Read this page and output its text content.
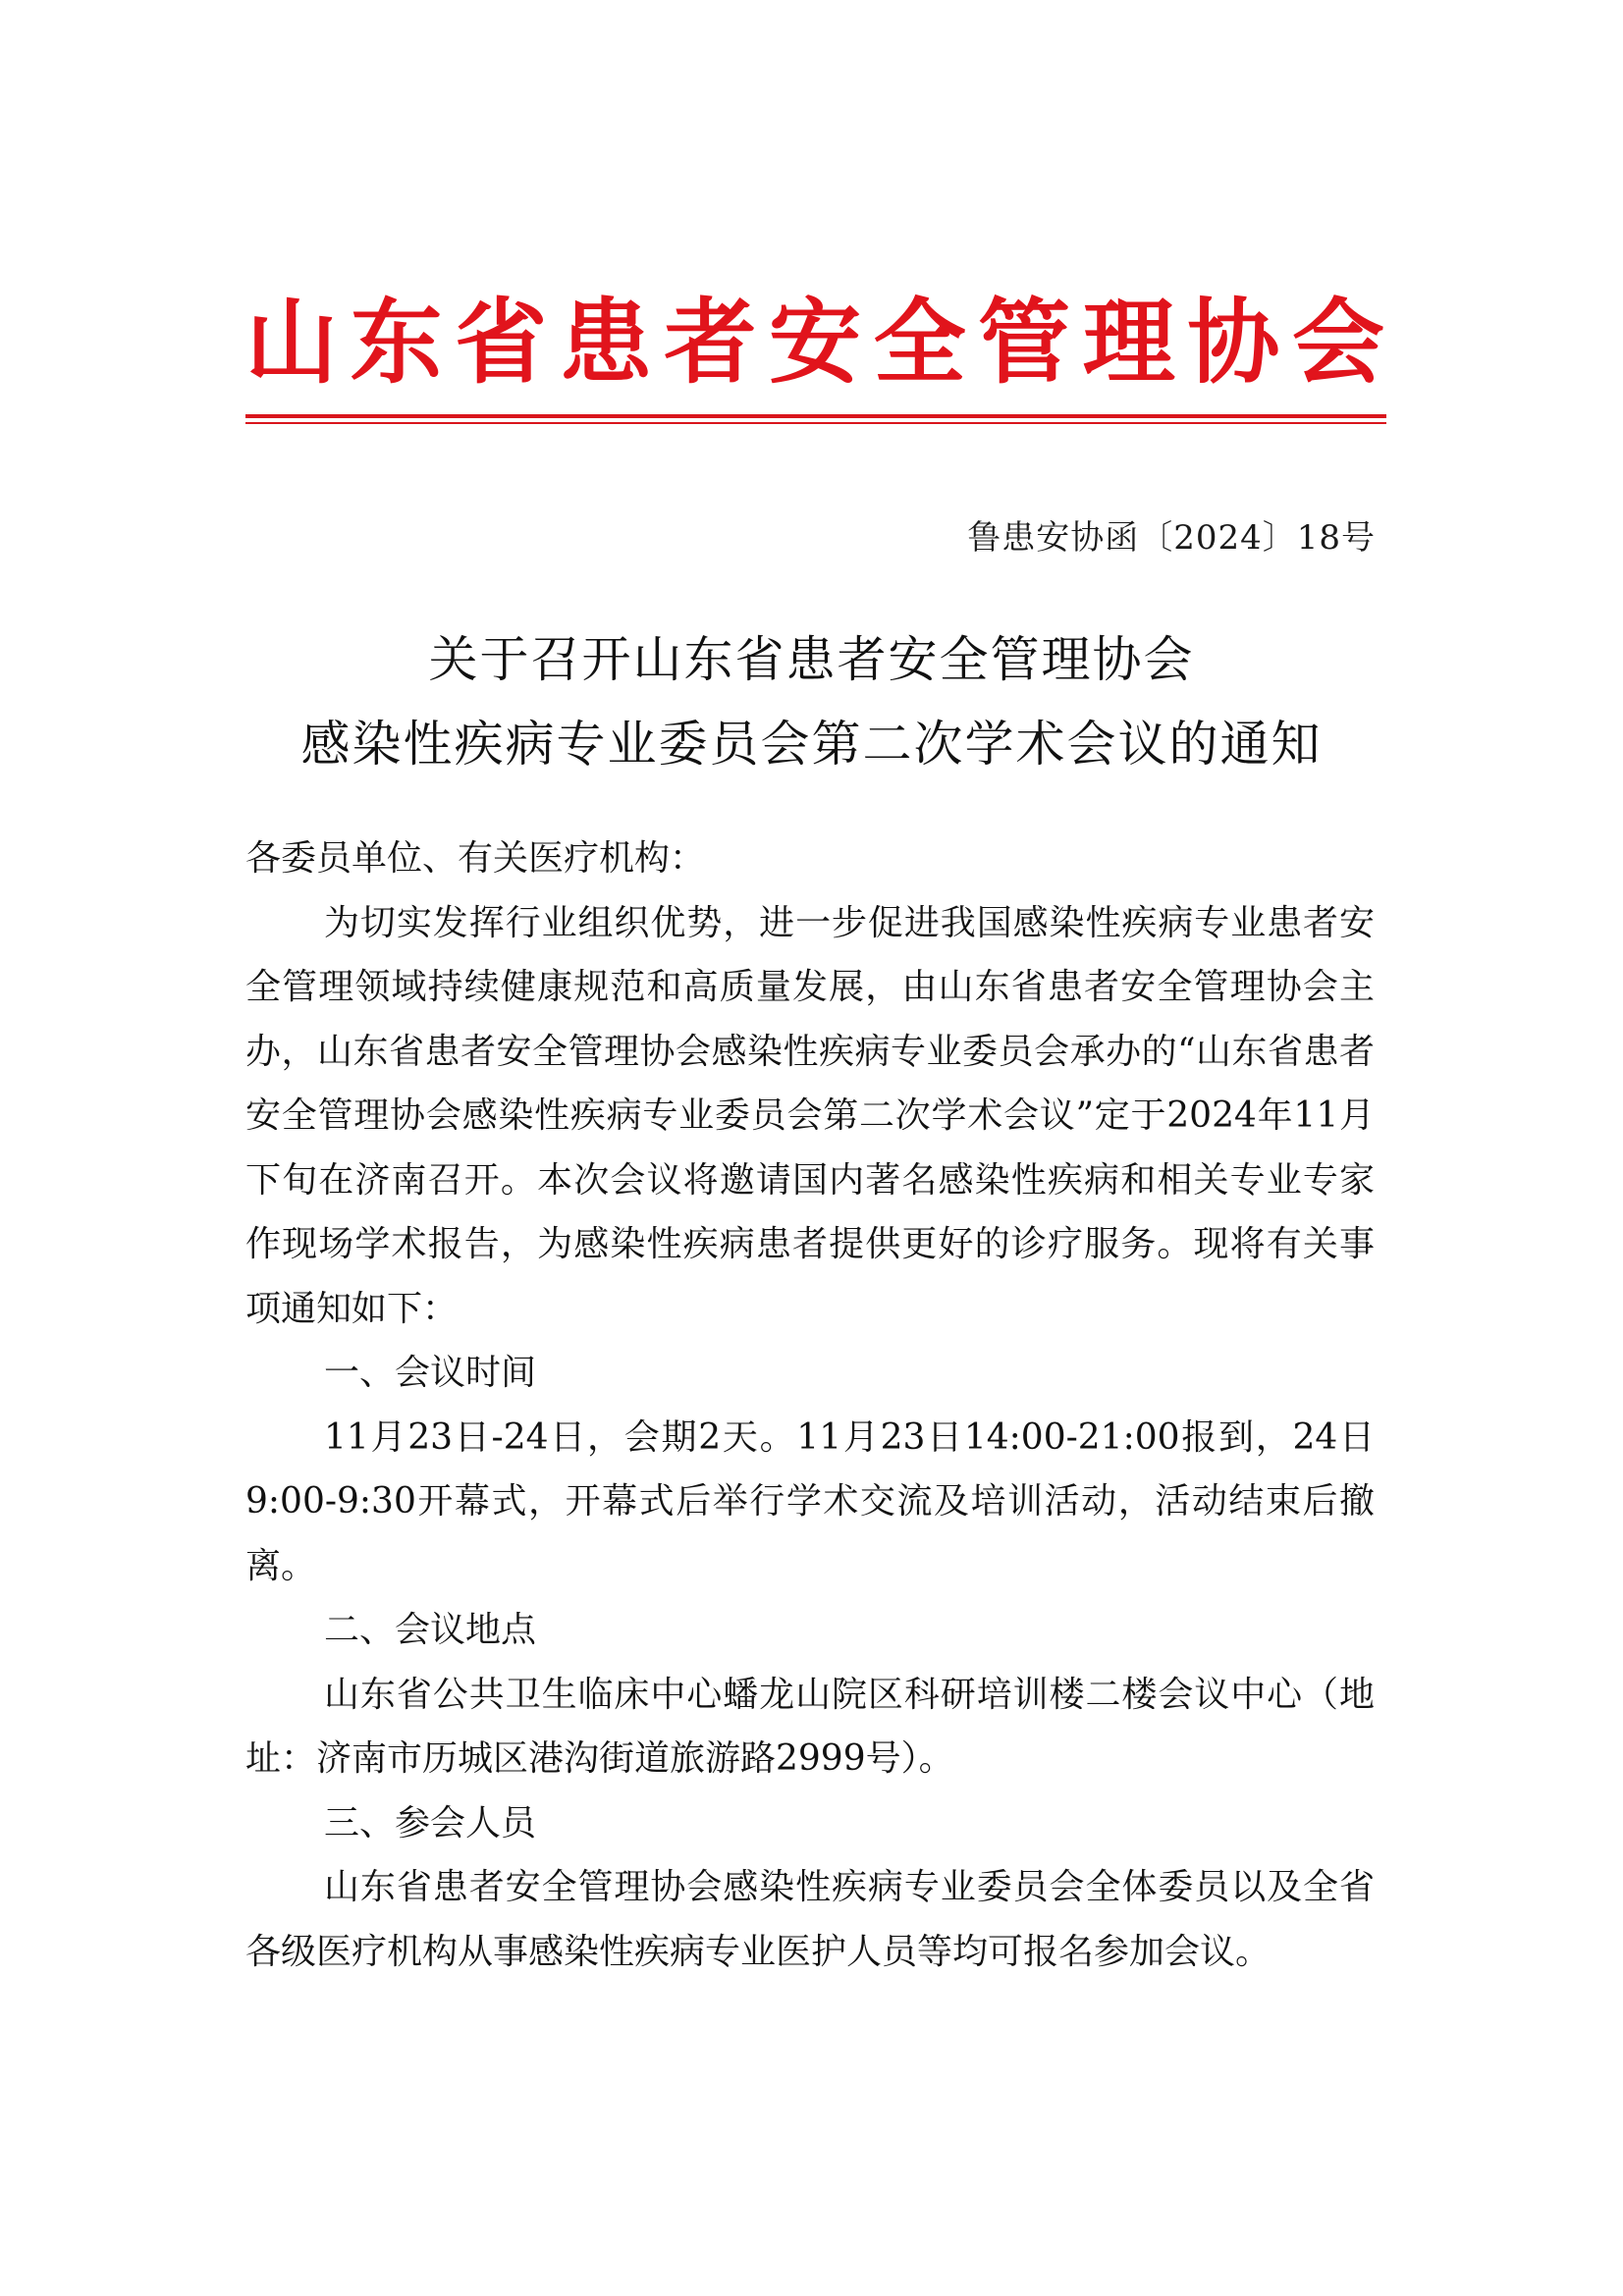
山 东 省 患 者 安 全 管 理 协 会
鲁患安协函〔2024〕18号
关于召开山东省患者安全管理协会
感染性疾病专业委员会第二次学术会议的通知

各委员单位、有关医疗机构：

为切实发挥行业组织优势，进一步促进我国感染性疾病专业患者安全管理领域持续健康规范和高质量发展，由山东省患者安全管理协会主办，山东省患者安全管理协会感染性疾病专业委员会承办的“山东省患者安全管理协会感染性疾病专业委员会第二次学术会议”定于2024年11月下旬在济南召开。本次会议将邀请国内著名感染性疾病和相关专业专家作现场学术报告，为感染性疾病患者提供更好的诊疗服务。现将有关事项通知如下：

一、会议时间

11月23日-24日，会期2天。11月23日14:00-21:00报到，24日9:00-9:30开幕式，开幕式后举行学术交流及培训活动，活动结束后撤离。

二、会议地点

山东省公共卫生临床中心蟠龙山院区科研培训楼二楼会议中心（地址：济南市历城区港沟街道旅游路2999号）。

三、参会人员

山东省患者安全管理协会感染性疾病专业委员会全体委员以及全省各级医疗机构从事感染性疾病专业医护人员等均可报名参加会议。
